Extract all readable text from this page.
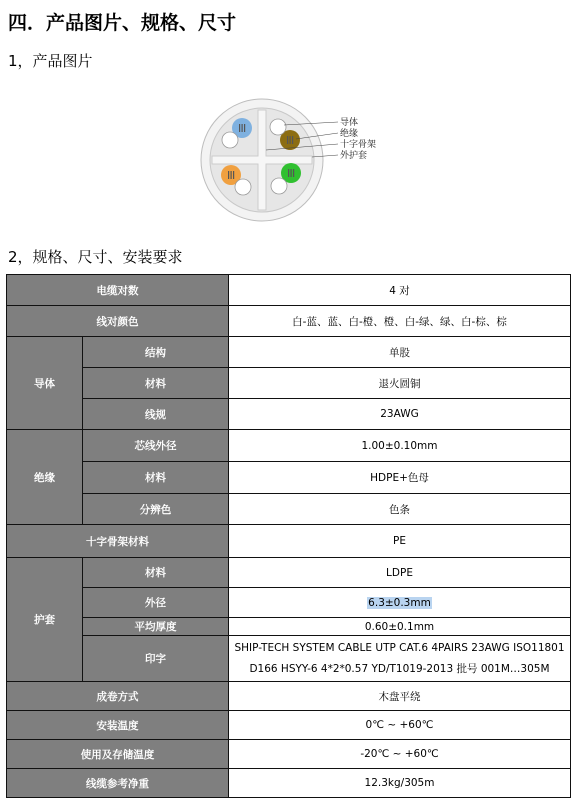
四．产品图片、规格、尺寸

1，产品图片

导体
绝缘
十字骨架
外护套

2，规格、尺寸、安装要求

电缆对数		4 对
线对颜色		白-蓝、蓝、白-橙、橙、白-绿、绿、白-棕、棕
导体	结构	单股
	材料	退火圆铜
	线规	23AWG
绝缘	芯线外径	1.00±0.10mm
	材料	HDPE+色母
	分辨色	色条
十字骨架材料		PE
护套	材料	LDPE
	外径	6.3±0.3mm
	平均厚度	0.60±0.1mm
	印字	SHIP-TECH SYSTEM CABLE UTP CAT.6 4PAIRS 23AWG ISO11801
D166 HSYY-6 4*2*0.57 YD/T1019-2013 批号 001M…305M

成卷方式		木盘平绕
安装温度		0℃ ~ +60℃
使用及存储温度		-20℃ ~ +60℃
线缆参考净重		12.3kg/305m
